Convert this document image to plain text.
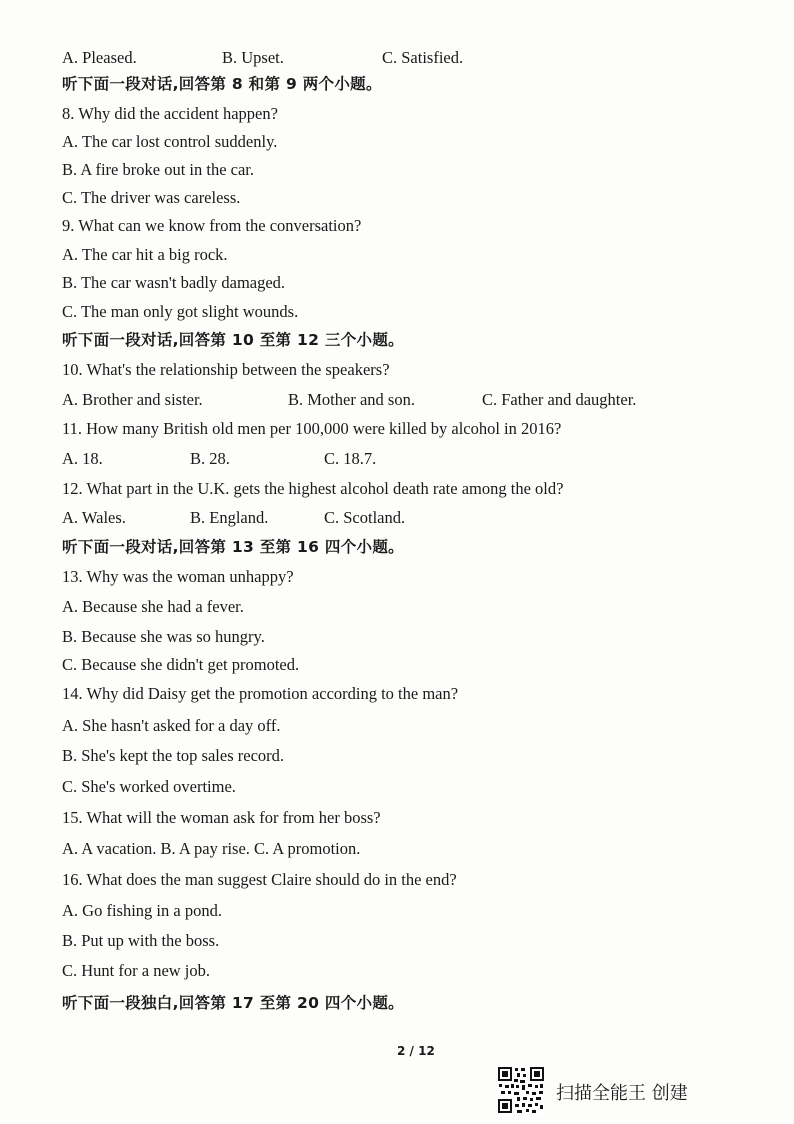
A. Pleased.	B. Upset.	C. Satisfied.
听下面一段对话,回答第 8 和第 9 两个小题。
8. Why did the accident happen?
A. The car lost control suddenly.
B. A fire broke out in the car.
C. The driver was careless.
9. What can we know from the conversation?
A. The car hit a big rock.
B. The car wasn't badly damaged.
C. The man only got slight wounds.
听下面一段对话,回答第 10 至第 12 三个小题。
10. What's the relationship between the speakers?
A. Brother and sister.	B. Mother and son.	C. Father and daughter.
11. How many British old men per 100,000 were killed by alcohol in 2016?
A. 18.	B. 28.	C. 18.7.
12. What part in the U.K. gets the highest alcohol death rate among the old?
A. Wales.	B. England.	C. Scotland.
听下面一段对话,回答第 13 至第 16 四个小题。
13. Why was the woman unhappy?
A. Because she had a fever.
B. Because she was so hungry.
C. Because she didn't get promoted.
14. Why did Daisy get the promotion according to the man?
A. She hasn't asked for a day off.
B. She's kept the top sales record.
C. She's worked overtime.
15. What will the woman ask for from her boss?
A. A vacation. B. A pay rise. C. A promotion.
16. What does the man suggest Claire should do in the end?
A. Go fishing in a pond.
B. Put up with the boss.
C. Hunt for a new job.
听下面一段独白,回答第 17 至第 20 四个小题。
2 / 12
扫描全能王 创建
